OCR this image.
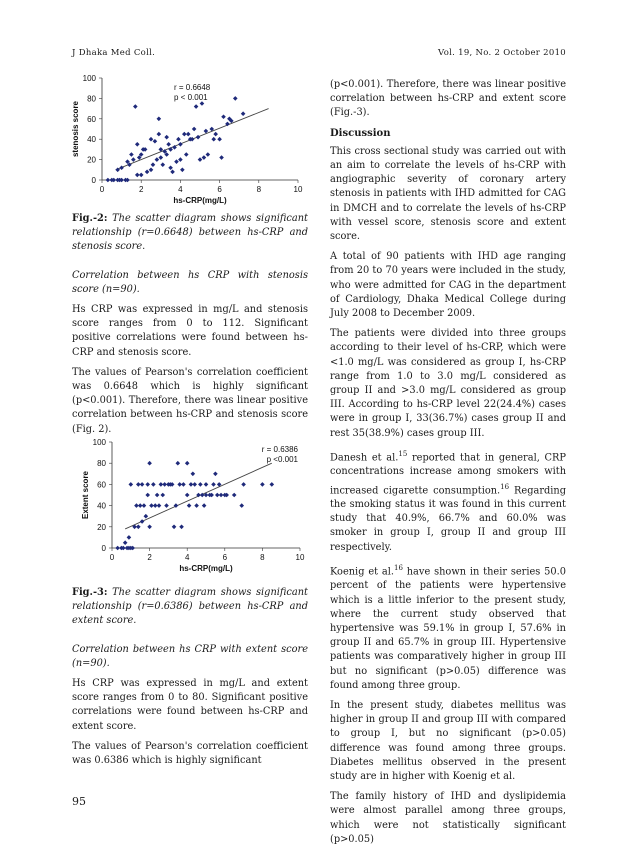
J Dhaka Med Coll.	Vol. 19, No. 2 October 2010
0
20
40
60
80
100
0	2	4	6	8	10
hs-CRP(mg/L)
stenosis score
r = 0.6648
p < 0.001

Fig.-2: The scatter diagram shows significant relationship (r=0.6648) between hs-CRP and stenosis score.

Correlation between hs CRP with stenosis score (n=90).

Hs CRP was expressed in mg/L and stenosis score ranges from 0 to 112. Significant positive correlations were found between hs-CRP and stenosis score.

The values of Pearson's correlation coefficient was 0.6648 which is highly significant (p<0.001). Therefore, there was linear positive correlation between hs-CRP and stenosis score (Fig. 2).

0
20
40
60
80
100
0	2	4	6	8	10
hs-CRP(mg/L)
Extent score
r = 0.6386
p <0.001

Fig.-3: The scatter diagram shows significant relationship (r=0.6386) between hs-CRP and extent score.

Correlation between hs CRP with extent score (n=90).

Hs CRP was expressed in mg/L and extent score ranges from 0 to 80. Significant positive correlations were found between hs-CRP and extent score.

The values of Pearson's correlation coefficient was 0.6386 which is highly significant

(p<0.001). Therefore, there was linear positive correlation between hs-CRP and extent score (Fig.-3).

Discussion

This cross sectional study was carried out with an aim to correlate the levels of hs-CRP with angiographic severity of coronary artery stenosis in patients with IHD admitted for CAG in DMCH and to correlate the levels of hs-CRP with vessel score, stenosis score and extent score.

A total of 90 patients with IHD age ranging from 20 to 70 years were included in the study, who were admitted for CAG in the department of Cardiology, Dhaka Medical College during July 2008 to December 2009.

The patients were divided into three groups according to their level of hs-CRP, which were <1.0 mg/L was considered as group I, hs-CRP range from 1.0 to 3.0 mg/L considered as group II and >3.0 mg/L considered as group III. According to hs-CRP level 22(24.4%) cases were in group I, 33(36.7%) cases group II and rest 35(38.9%) cases group III.

Danesh et al.$^{15}$ reported that in general, CRP concentrations increase among smokers with increased cigarette consumption.$^{16}$ Regarding the smoking status it was found in this current study that 40.9%, 66.7% and 60.0% was smoker in group I, group II and group III respectively.

Koenig et al.$^{16}$ have shown in their series 50.0 percent of the patients were hypertensive which is a little inferior to the present study, where the current study observed that hypertensive was 59.1% in group I, 57.6% in group II and 65.7% in group III. Hypertensive patients was comparatively higher in group III but no significant (p>0.05) difference was found among three group.

In the present study, diabetes mellitus was higher in group II and group III with compared to group I, but no significant (p>0.05) difference was found among three groups. Diabetes mellitus observed in the present study are in higher with Koenig et al.

The family history of IHD and dyslipidemia were almost parallel among three groups, which were not statistically significant (p>0.05)

95
